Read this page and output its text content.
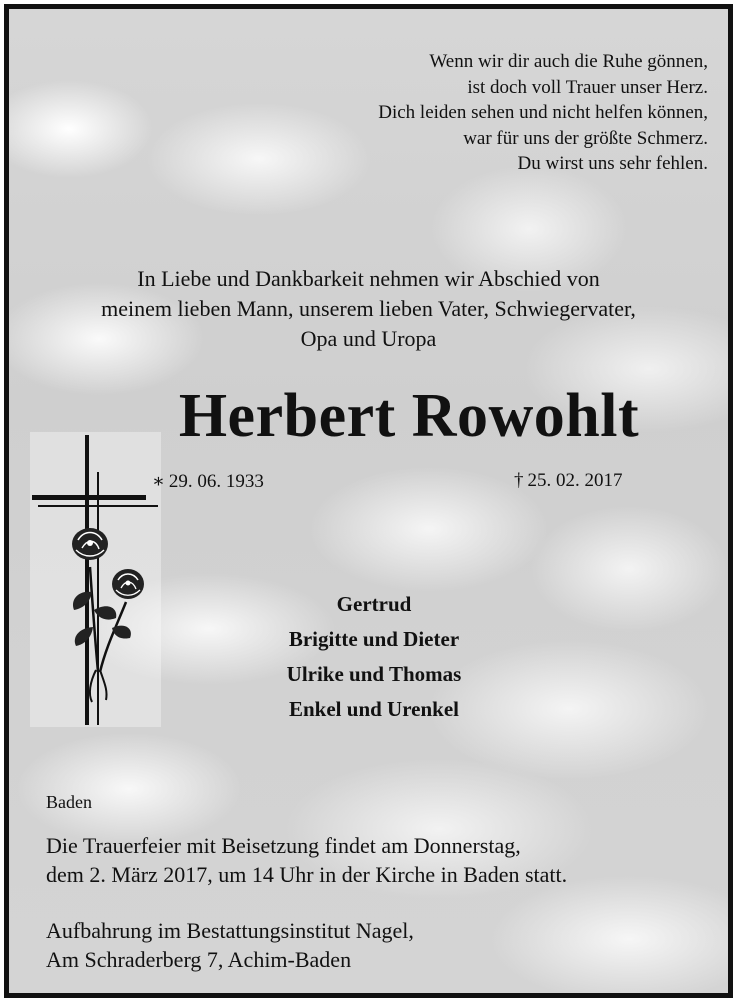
Wenn wir dir auch die Ruhe gönnen,
ist doch voll Trauer unser Herz.
Dich leiden sehen und nicht helfen können,
war für uns der größte Schmerz.
Du wirst uns sehr fehlen.
In Liebe und Dankbarkeit nehmen wir Abschied von
meinem lieben Mann, unserem lieben Vater, Schwiegervater,
Opa und Uropa
Herbert Rowohlt
∗ 29. 06. 1933	† 25. 02. 2017
Gertrud
Brigitte und Dieter
Ulrike und Thomas
Enkel und Urenkel
Baden
Die Trauerfeier mit Beisetzung findet am Donnerstag,
dem 2. März 2017, um 14 Uhr in der Kirche in Baden statt.
Aufbahrung im Bestattungsinstitut Nagel,
Am Schraderberg 7, Achim-Baden
